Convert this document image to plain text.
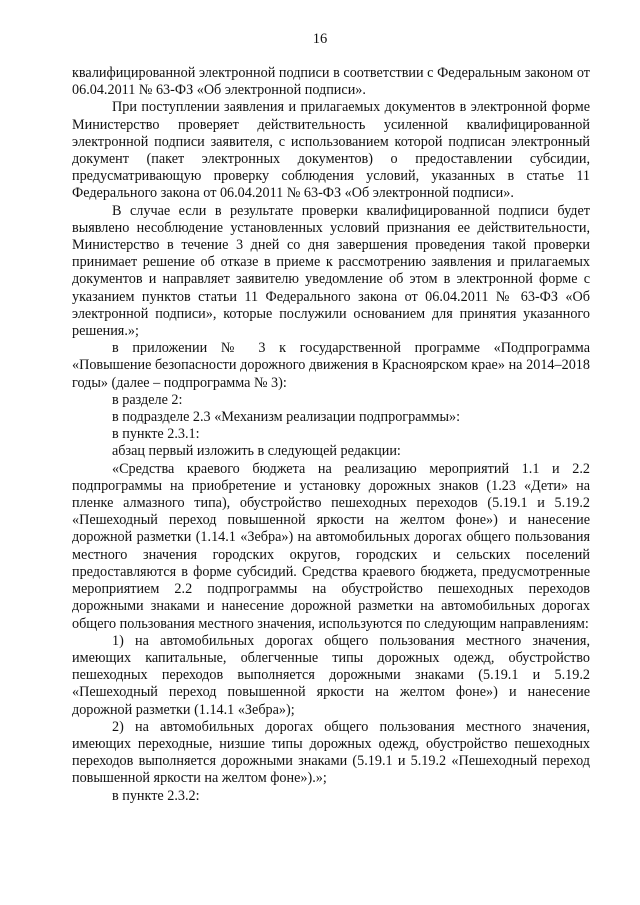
16

квалифицированной электронной подписи в соответствии с Федеральным законом от 06.04.2011 № 63-ФЗ «Об электронной подписи».

При поступлении заявления и прилагаемых документов в электронной форме Министерство проверяет действительность усиленной квалифицированной электронной подписи заявителя, с использованием которой подписан электронный документ (пакет электронных документов) о предоставлении субсидии, предусматривающую проверку соблюдения условий, указанных в статье 11 Федерального закона от 06.04.2011 № 63-ФЗ «Об электронной подписи».

В случае если в результате проверки квалифицированной подписи будет выявлено несоблюдение установленных условий признания ее действительности, Министерство в течение 3 дней со дня завершения проведения такой проверки принимает решение об отказе в приеме к рассмотрению заявления и прилагаемых документов и направляет заявителю уведомление об этом в электронной форме с указанием пунктов статьи 11 Федерального закона от 06.04.2011 № 63-ФЗ «Об электронной подписи», которые послужили основанием для принятия указанного решения.»;

в приложении № 3 к государственной программе «Подпрограмма «Повышение безопасности дорожного движения в Красноярском крае» на 2014–2018 годы» (далее – подпрограмма № 3):

в разделе 2:

в подразделе 2.3 «Механизм реализации подпрограммы»:

в пункте 2.3.1:

абзац первый изложить в следующей редакции:

«Средства краевого бюджета на реализацию мероприятий 1.1 и 2.2 подпрограммы на приобретение и установку дорожных знаков (1.23 «Дети» на пленке алмазного типа), обустройство пешеходных переходов (5.19.1 и 5.19.2 «Пешеходный переход повышенной яркости на желтом фоне») и нанесение дорожной разметки (1.14.1 «Зебра») на автомобильных дорогах общего пользования местного значения городских округов, городских и сельских поселений предоставляются в форме субсидий. Средства краевого бюджета, предусмотренные мероприятием 2.2 подпрограммы на обустройство пешеходных переходов дорожными знаками и нанесение дорожной разметки на автомобильных дорогах общего пользования местного значения, используются по следующим направлениям:

1) на автомобильных дорогах общего пользования местного значения, имеющих капитальные, облегченные типы дорожных одежд, обустройство пешеходных переходов выполняется дорожными знаками (5.19.1 и 5.19.2 «Пешеходный переход повышенной яркости на желтом фоне») и нанесение дорожной разметки (1.14.1 «Зебра»);

2) на автомобильных дорогах общего пользования местного значения, имеющих переходные, низшие типы дорожных одежд, обустройство пешеходных переходов выполняется дорожными знаками (5.19.1 и 5.19.2 «Пешеходный переход повышенной яркости на желтом фоне»).»;

в пункте 2.3.2:
